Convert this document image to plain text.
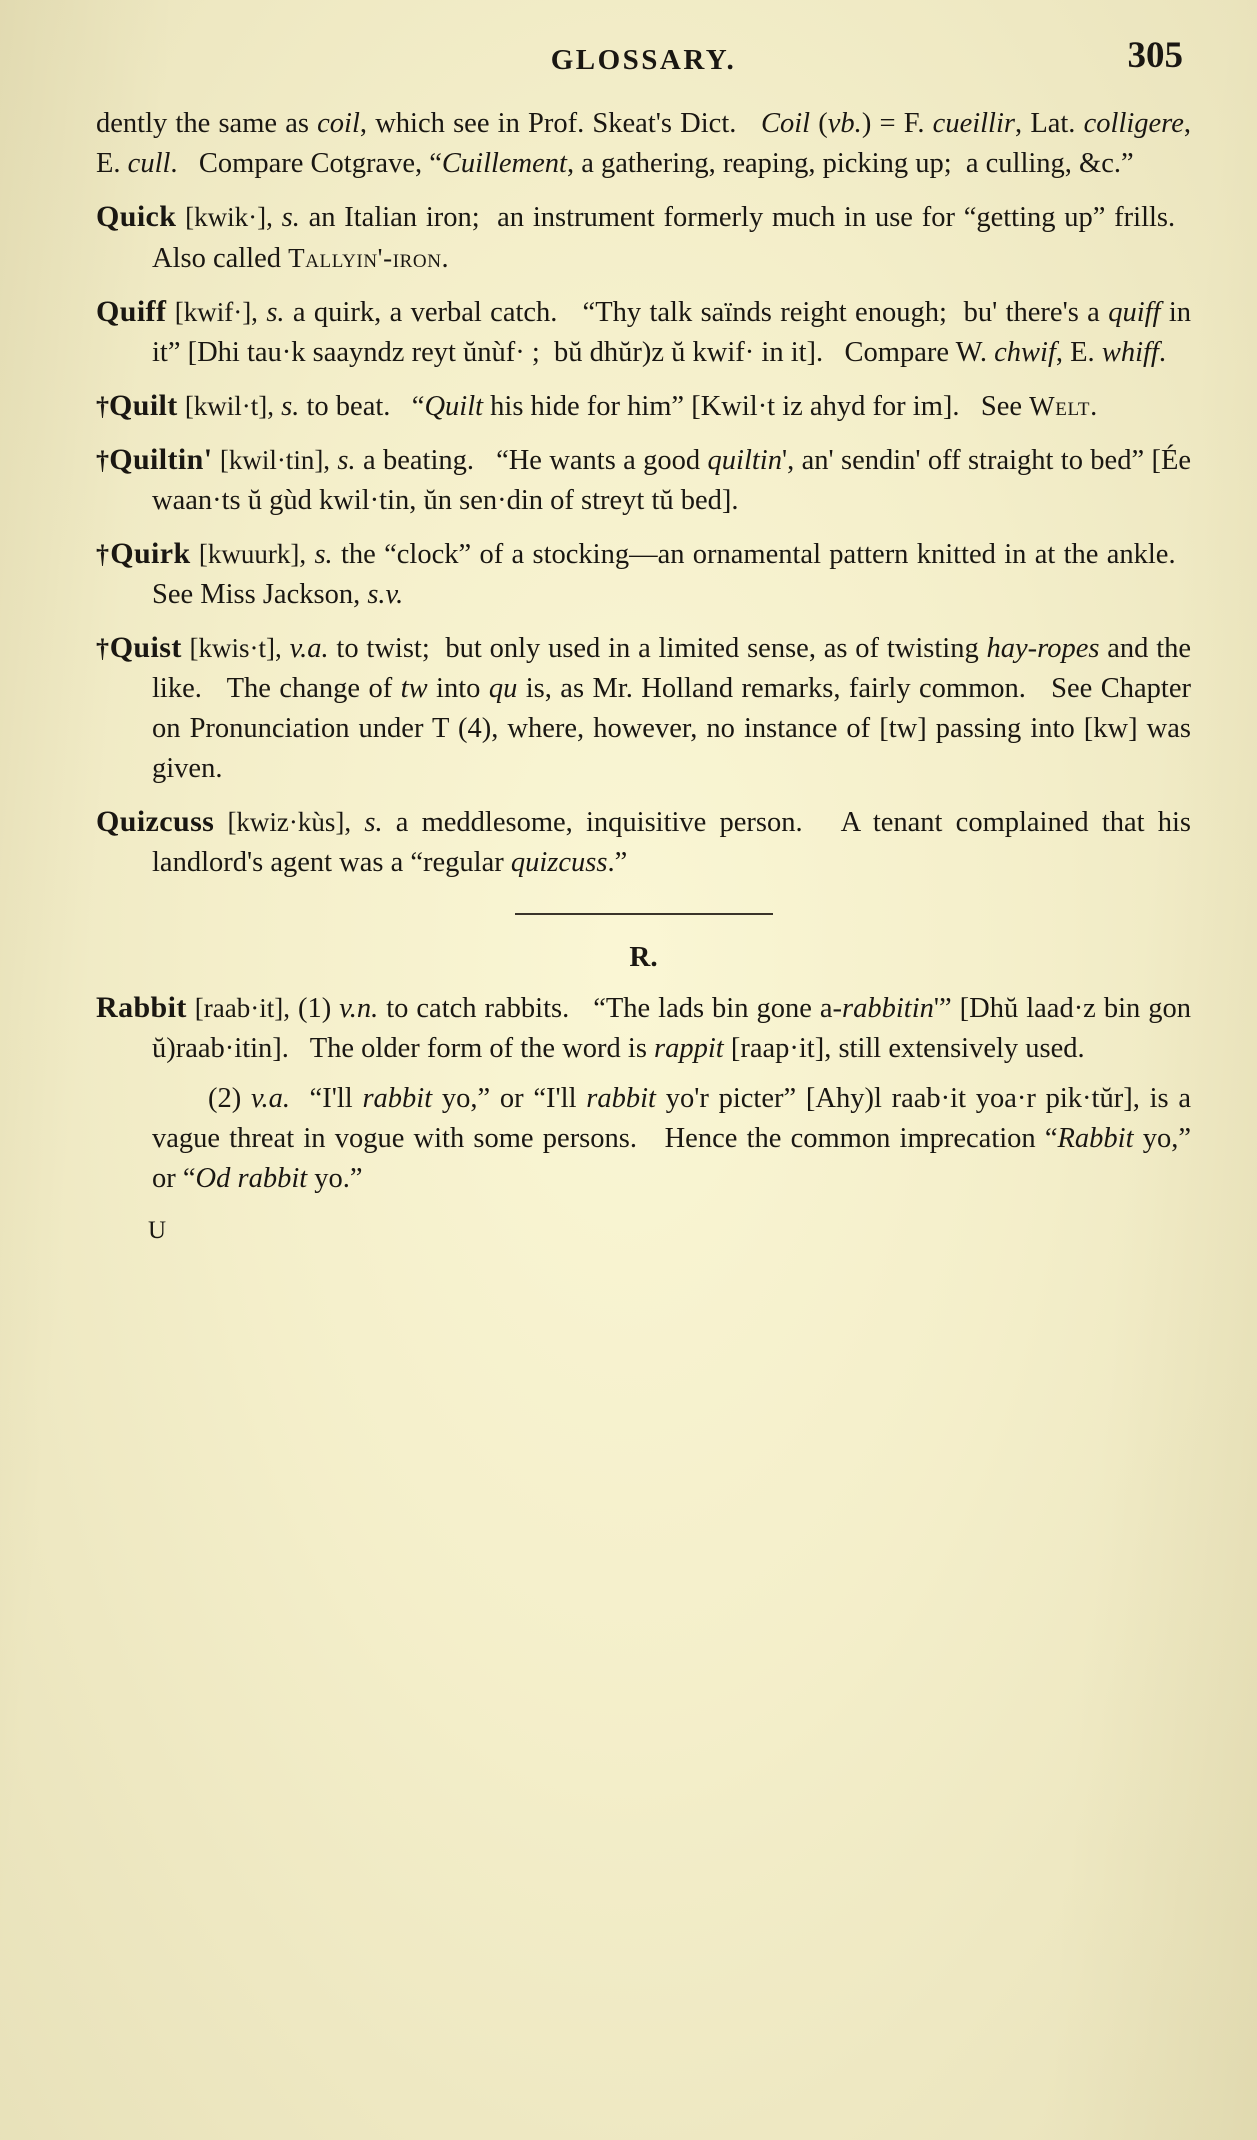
GLOSSARY.	305

dently the same as coil, which see in Prof. Skeat's Dict.   Coil (vb.) = F. cueillir, Lat. colligere, E. cull.   Compare Cotgrave, “Cuillement, a gathering, reaping, picking up;  a culling, &c.”

Quick [kwik·], s. an Italian iron;  an instrument formerly much in use for “getting up” frills.   Also called Tallyin'-iron.

Quiff [kwif·], s. a quirk, a verbal catch.   “Thy talk saïnds reight enough;  bu' there's a quiff in it” [Dhi tau·k saayndz reyt ŭnùf· ;  bŭ dhŭr)z ŭ kwif· in it].   Compare W. chwif, E. whiff.

†Quilt [kwil·t], s. to beat.   “Quilt his hide for him” [Kwil·t iz ahyd for im].   See Welt.

†Quiltin' [kwil·tin], s. a beating.   “He wants a good quiltin', an' sendin' off straight to bed” [Ée waan·ts ŭ gùd kwil·tin, ŭn sen·din of streyt tŭ bed].

†Quirk [kwuurk], s. the “clock” of a stocking—an ornamental pattern knitted in at the ankle.   See Miss Jackson, s.v.

†Quist [kwis·t], v.a. to twist;  but only used in a limited sense, as of twisting hay-ropes and the like.   The change of tw into qu is, as Mr. Holland remarks, fairly common.   See Chapter on Pronunciation under T (4), where, however, no instance of [tw] passing into [kw] was given.

Quizcuss [kwiz·kùs], s. a meddlesome, inquisitive person.   A tenant complained that his landlord's agent was a “regular quizcuss.”

R.

Rabbit [raab·it], (1) v.n. to catch rabbits.   “The lads bin gone a-rabbitin'” [Dhŭ laad·z bin gon ŭ)raab·itin].   The older form of the word is rappit [raap·it], still extensively used.

(2) v.a.  “I'll rabbit yo,” or “I'll rabbit yo'r picter” [Ahy)l raab·it yoa·r pik·tŭr], is a vague threat in vogue with some persons.   Hence the common imprecation “Rabbit yo,” or “Od rabbit yo.”

U
